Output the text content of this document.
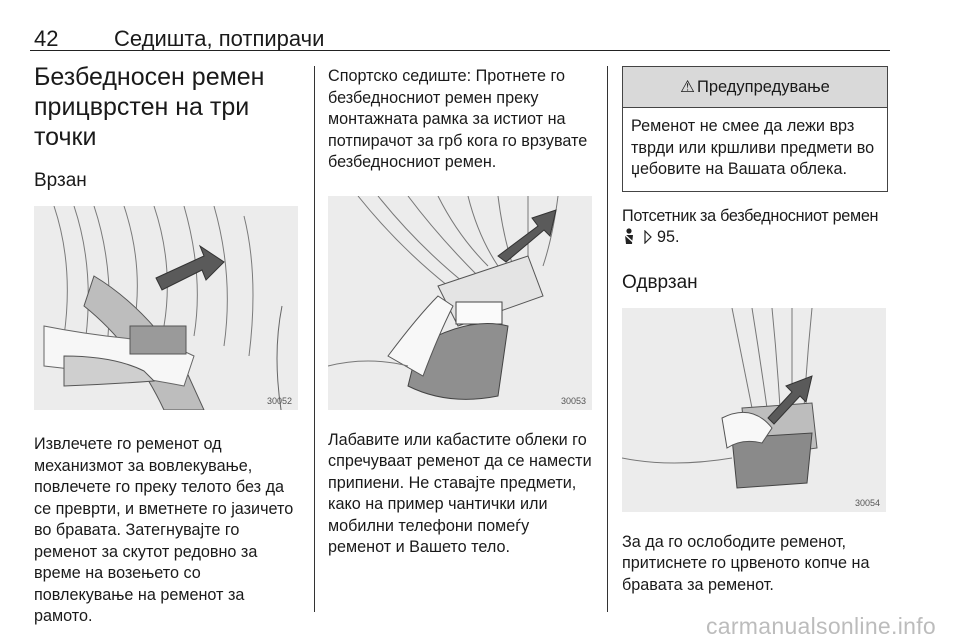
42	Седишта, потпирачи
Безбедносен ремен
прицврстен на три точки
Врзан
30052

Извлечете го ременот од

механизмот за вовлекување,

повлечете го преку телото без да

се преврти, и вметнете го јазичето

во бравата. Затегнувајте го

ременот за скутот редовно за

време на возењето со

повлекување на ременот за

рамото.

Спортско седиште: Протнете го

безбедносниот ремен преку

монтажната рамка за истиот на

потпирачот за грб кога го врзувате

безбедносниот ремен.

30053

Лабавите или кабастите облеки го

спречуваат ременот да се намести

припиени. Не ставајте предмети,

како на пример чантички или

мобилни телефони помеѓу

ременот и Вашето тело.

⚠ Предупредување
Ременот не смее да лежи врз
тврди или кршливи предмети во
џебовите на Вашата облека.

Потсетник за безбедносниот ремен

95.

Одврзан
30054

За да го ослободите ременот,

притиснете го црвеното копче на

бравата за ременот.

carmanualsonline.info
